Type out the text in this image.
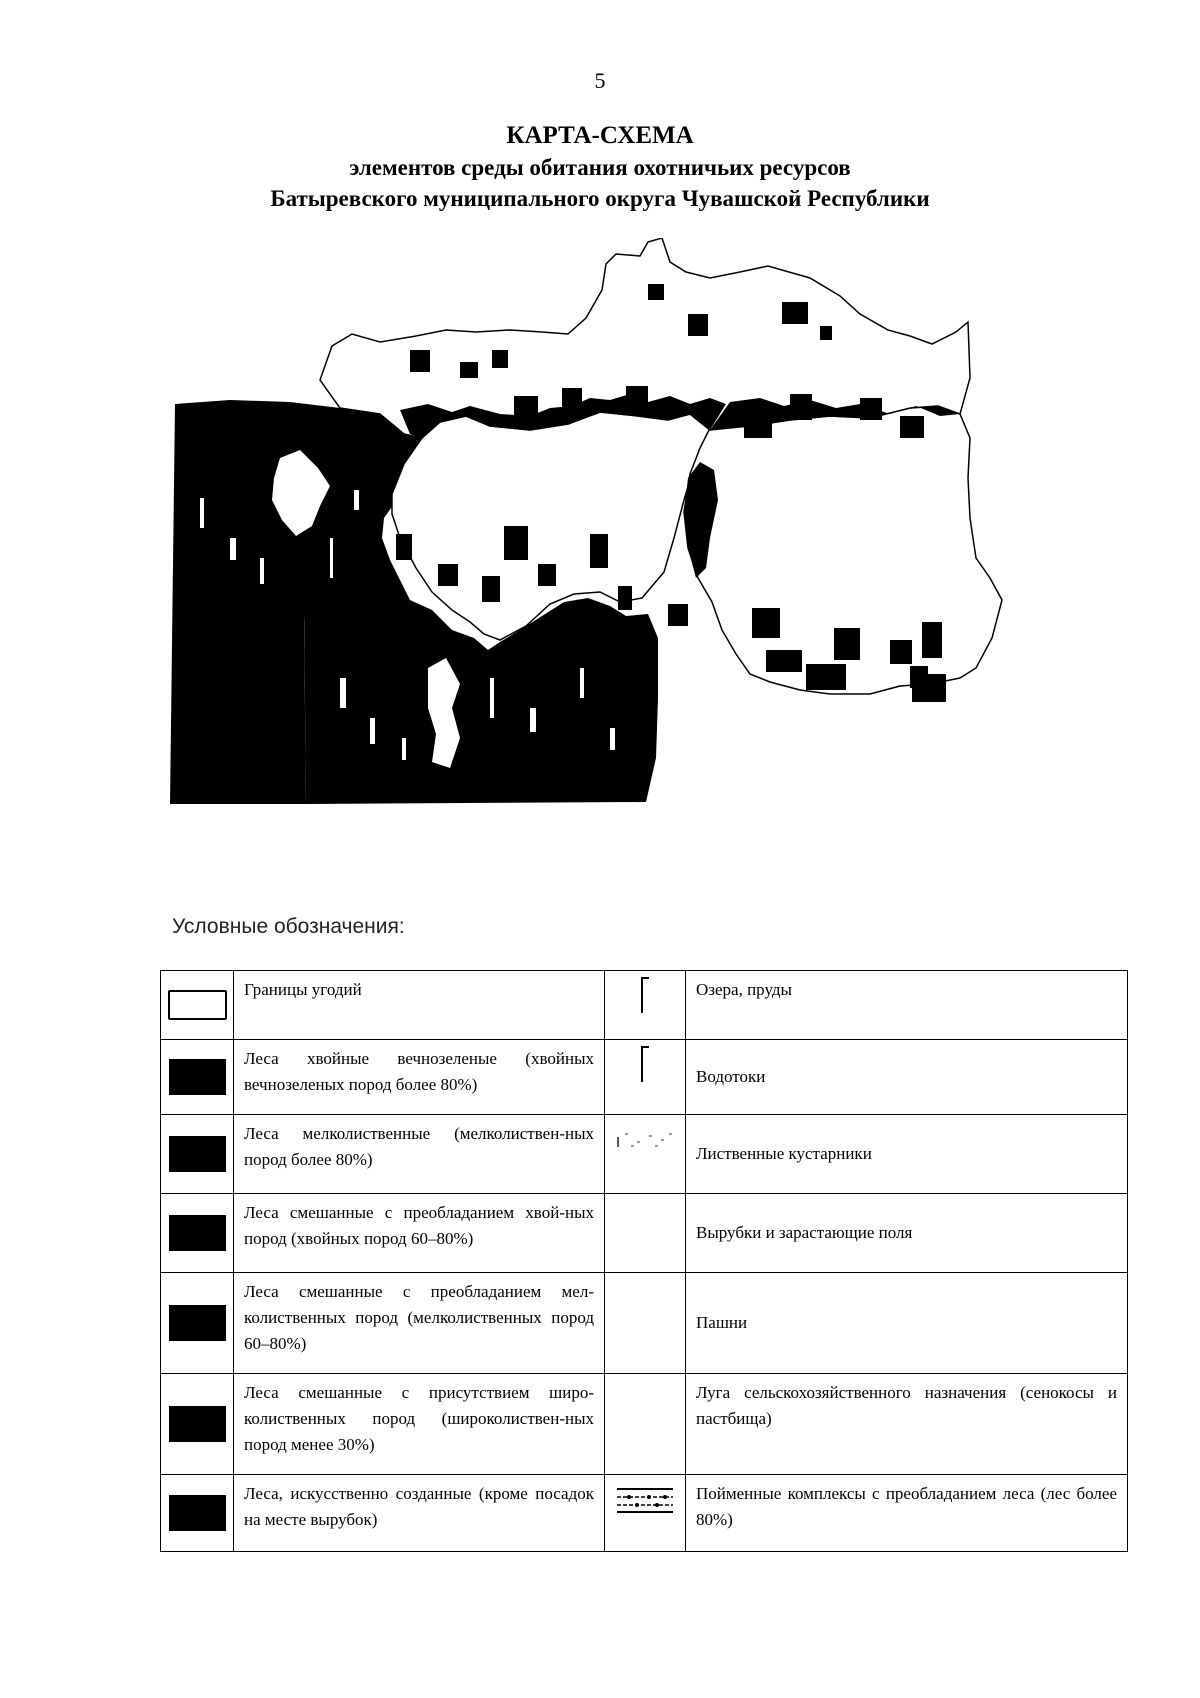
5
КАРТА-СХЕМА
элементов среды обитания охотничьих ресурсов
Батыревского муниципального округа Чувашской Республики
Условные обозначения:
	Границы угодий		Озера, пруды
	Леса хвойные вечнозеленые (хвойных вечнозеленых пород более 80%)		Водотоки
	Леса мелколиственные (мелколиствен-ных пород более 80%)		Лиственные кустарники
	Леса смешанные с преобладанием хвой-ных пород (хвойных пород 60–80%)		Вырубки и зарастающие поля
	Леса смешанные с преобладанием мел-колиственных пород (мелколиственных пород 60–80%)		Пашни
	Леса смешанные с присутствием широ-колиственных пород (широколиствен-ных пород менее 30%)		Луга сельскохозяйственного назначения (сенокосы и пастбища)
	Леса, искусственно созданные (кроме посадок на месте вырубок)		Пойменные комплексы с преобладанием леса (лес более 80%)
